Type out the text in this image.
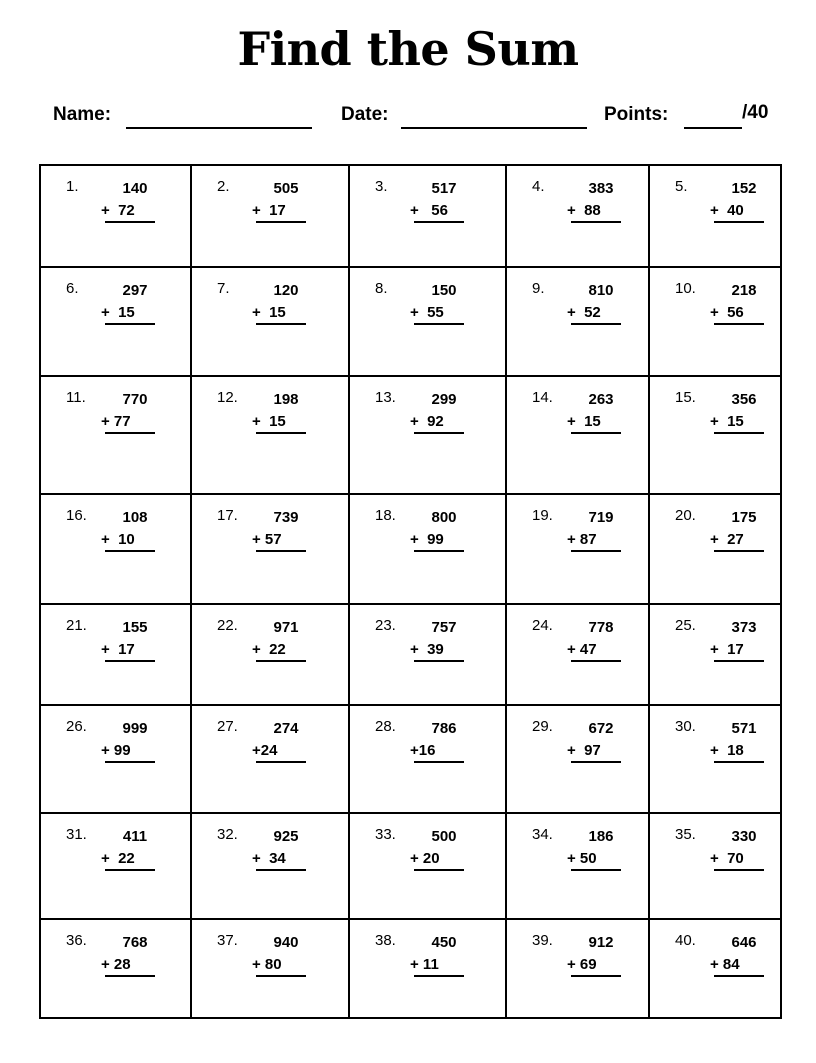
Find the Sum
Name:	Date:	Points:	/40
1.	140
+  72
2.	505
+  17
3.	517
+   56
4.	383
+  88
5.	152
+  40
6.	297
+  15
7.	120
+  15
8.	150
+  55
9.	810
+  52
10.	218
+  56
11.	770
+ 77
12.	198
+  15
13.	299
+  92
14.	263
+  15
15.	356
+  15
16.	108
+  10
17.	739
+ 57
18.	800
+  99
19.	719
+ 87
20.	175
+  27
21.	155
+  17
22.	971
+  22
23.	757
+  39
24.	778
+ 47
25.	373
+  17
26.	999
+ 99
27.	274
+24
28.	786
+16
29.	672
+  97
30.	571
+  18
31.	411
+  22
32.	925
+  34
33.	500
+ 20
34.	186
+ 50
35.	330
+  70
36.	768
+ 28
37.	940
+ 80
38.	450
+ 11
39.	912
+ 69
40.	646
+ 84
